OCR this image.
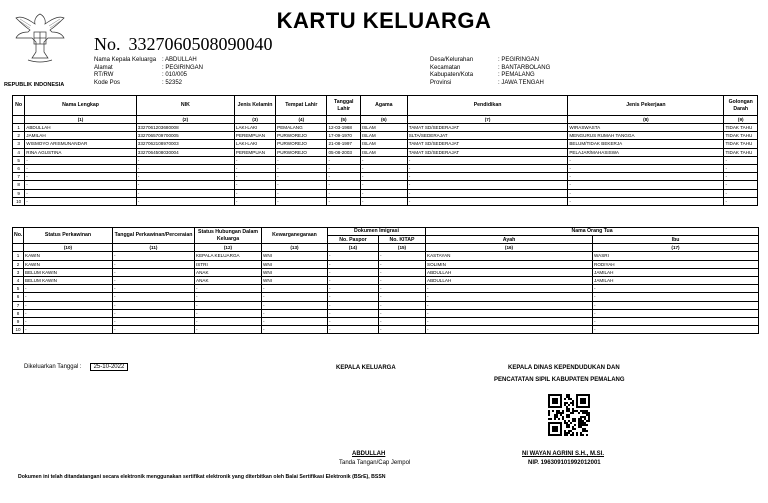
REPUBLIK INDONESIA
KARTU KELUARGA
No. 3327060508090040
Nama Kepala Keluarga : ABDULLAH
Alamat	: PEGIRINGAN
RT/RW	: 010/005
Kode Pos	: 52352
Desa/Kelurahan	: PEGIRINGAN
Kecamatan	: BANTARBOLANG
Kabupaten/Kota	: PEMALANG
Provinsi	: JAWA TENGAH
No	Nama Lengkap	NIK	Jenis Kelamin	Tempat Lahir	Tanggal Lahir	Agama	Pendidikan	Jenis Pekerjaan	Golongan Darah
	(1)	(2)	(3)	(4)	(5)	(6)	(7)	(8)	(9)
1	ABDULLAH	3327061203680008	LAKI-LAKI	PEMALANG	12-03-1968	ISLAM	TAMAT SD/SEDERAJAT	WIRASWASTA	TIDAK TAHU
2	JAMILAH	3327065709700005	PEREMPUAN	PURWOREJO	17-09-1970	ISLAM	SLTA/SEDERAJAT	MENGURUS RUMAH TANGGA	TIDAK TAHU
3	WISMOYO ARISMUNANDAR	3327062108970003	LAKI-LAKI	PURWOREJO	21-08-1997	ISLAM	TAMAT SD/SEDERAJAT	BELUM/TIDAK BEKERJA	TIDAK TAHU
4	RINA AGUSTINA	3327064508030004	PEREMPUAN	PURWOREJO	05-08-2003	ISLAM	TAMAT SD/SEDERAJAT	PELAJAR/MAHASISWA	TIDAK TAHU
5	-	-	-	-	-	-	-	-	-
6	-	-	-	-	-	-	-	-	-
7	-	-	-	-	-	-	-	-	-
8	-	-	-	-	-	-	-	-	-
9	-	-	-	-	-	-	-	-	-
10	-	-	-	-	-	-	-	-	-
No.	Status Perkawinan	Tanggal Perkawinan/Perceraian	Status Hubungan Dalam Keluarga	Kewarganegaraan	Dokumen Imigrasi		Nama Orang Tua	
					No. Paspor	No. KITAP	Ayah	Ibu
	(10)	(11)	(12)	(13)	(14)	(15)	(16)	(17)
1	KAWIN	-	KEPALA KELUARGA	WNI	-	-	KASTAYAN	WASRI
2	KAWIN	-	ISTRI	WNI	-	-	SOLIMIN	RODIYAH
3	BELUM KAWIN	-	ANAK	WNI	-	-	ABDULLAH	JAMILAH
4	BELUM KAWIN	-	ANAK	WNI	-	-	ABDULLAH	JAMILAH
5	-	-	-	-	-	-	-	-
6	-	-	-	-	-	-	-	-
7	-	-	-	-	-	-	-	-
8	-	-	-	-	-	-	-	-
9	-	-	-	-	-	-	-	-
10	-	-	-	-	-	-	-	-
Dikeluarkan Tanggal : 25-10-2022	KEPALA KELUARGA	KEPALA DINAS KEPENDUDUKAN DAN
PENCATATAN SIPIL KABUPATEN PEMALANG
ABDULLAH
Tanda Tangan/Cap Jempol
NI WAYAN AGRINI S.H., M.SI.
NIP. 196309101992012001
Dokumen ini telah ditandatangani secara elektronik menggunakan sertifikat elektronik yang diterbitkan oleh Balai Sertifikasi Elektronik (BSrE), BSSN
